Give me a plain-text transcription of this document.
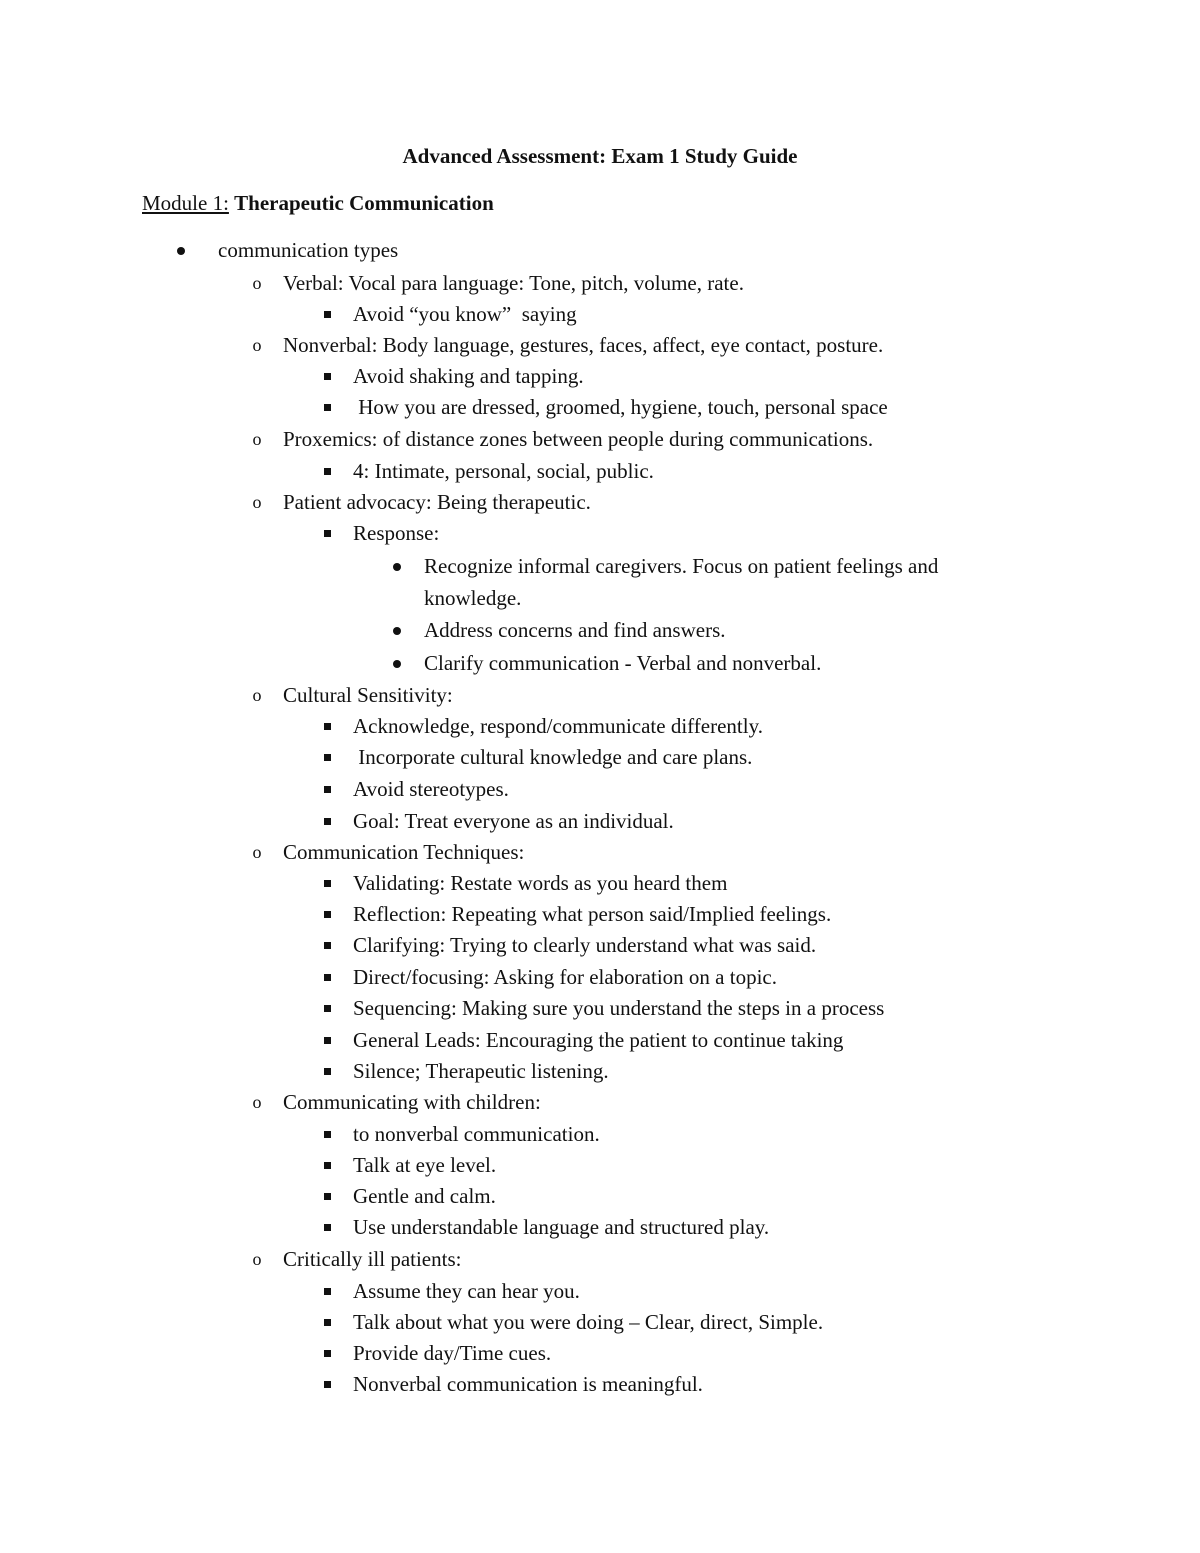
Advanced Assessment: Exam 1 Study Guide

Module 1: Therapeutic Communication

communication types
o Verbal: Vocal para language: Tone, pitch, volume, rate.
Avoid “you know”  saying
o Nonverbal: Body language, gestures, faces, affect, eye contact, posture.
Avoid shaking and tapping.
How you are dressed, groomed, hygiene, touch, personal space
o Proxemics: of distance zones between people during communications.
4: Intimate, personal, social, public.
o Patient advocacy: Being therapeutic.
Response:
Recognize informal caregivers. Focus on patient feelings and
knowledge.
Address concerns and find answers.
Clarify communication - Verbal and nonverbal.
o Cultural Sensitivity:
Acknowledge, respond/communicate differently.
Incorporate cultural knowledge and care plans.
Avoid stereotypes.
Goal: Treat everyone as an individual.
o Communication Techniques:
Validating: Restate words as you heard them
Reflection: Repeating what person said/Implied feelings.
Clarifying: Trying to clearly understand what was said.
Direct/focusing: Asking for elaboration on a topic.
Sequencing: Making sure you understand the steps in a process
General Leads: Encouraging the patient to continue taking
Silence; Therapeutic listening.
o Communicating with children:
to nonverbal communication.
Talk at eye level.
Gentle and calm.
Use understandable language and structured play.
o Critically ill patients:
Assume they can hear you.
Talk about what you were doing – Clear, direct, Simple.
Provide day/Time cues.
Nonverbal communication is meaningful.
